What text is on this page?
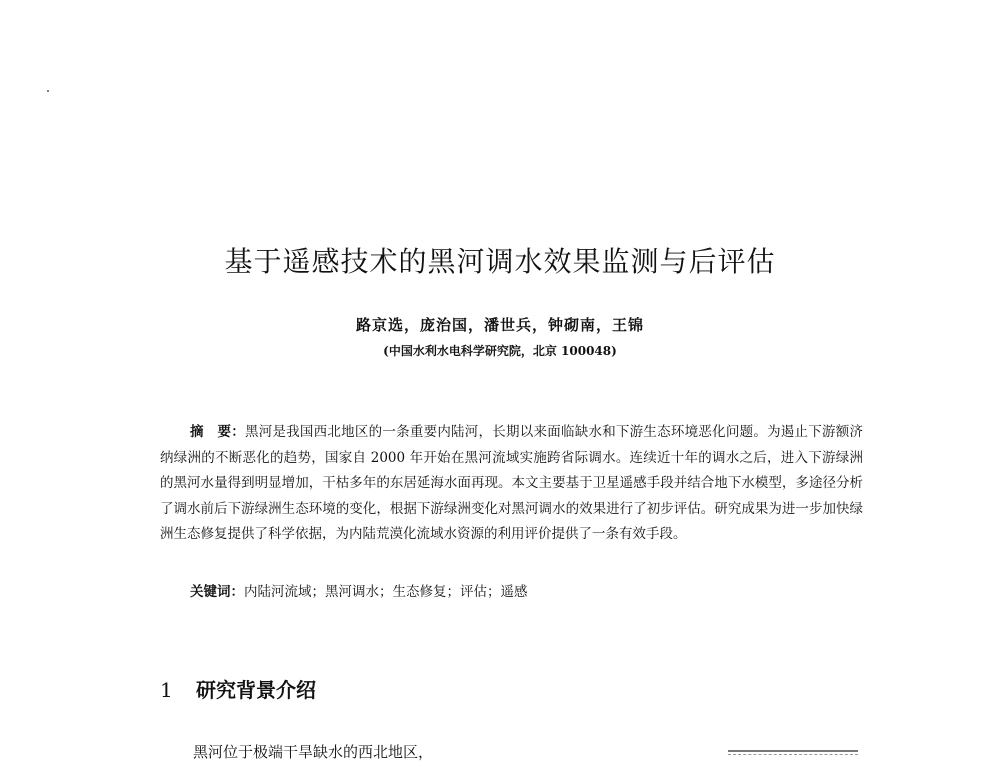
基于遥感技术的黑河调水效果监测与后评估
路京选，庞治国，潘世兵，钟砌南，王锦
(中国水利水电科学研究院，北京 100048)
摘　要：黑河是我国西北地区的一条重要内陆河，长期以来面临缺水和下游生态环境恶化问题。为遏止下游额济纳绿洲的不断恶化的趋势，国家自 2000 年开始在黑河流域实施跨省际调水。连续近十年的调水之后，进入下游绿洲的黑河水量得到明显增加，干枯多年的东居延海水面再现。本文主要基于卫星遥感手段并结合地下水模型，多途径分析了调水前后下游绿洲生态环境的变化，根据下游绿洲变化对黑河调水的效果进行了初步评估。研究成果为进一步加快绿洲生态修复提供了科学依据，为内陆荒漠化流域水资源的利用评价提供了一条有效手段。
关键词：内陆河流域；黑河调水；生态修复；评估；遥感
1 研究背景介绍
黑河位于极端干旱缺水的西北地区，
